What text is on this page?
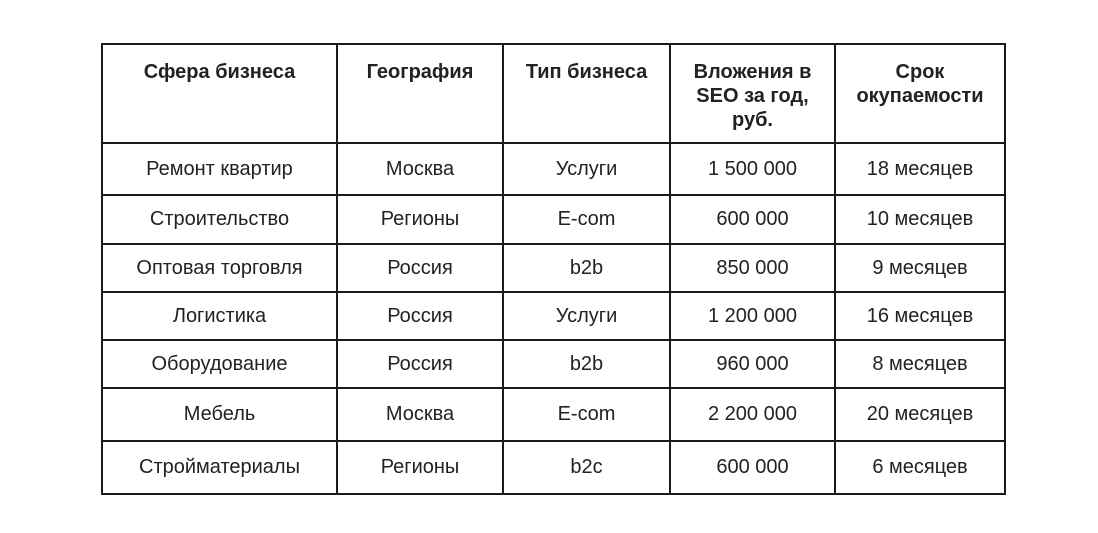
Сфера бизнеса	География	Тип бизнеса	Вложения в SEO за год, руб.	Срок окупаемости
Ремонт квартир	Москва	Услуги	1 500 000	18 месяцев
Строительство	Регионы	E-com	600 000	10 месяцев
Оптовая торговля	Россия	b2b	850 000	9 месяцев
Логистика	Россия	Услуги	1 200 000	16 месяцев
Оборудование	Россия	b2b	960 000	8 месяцев
Мебель	Москва	E-com	2 200 000	20 месяцев
Стройматериалы	Регионы	b2c	600 000	6 месяцев
